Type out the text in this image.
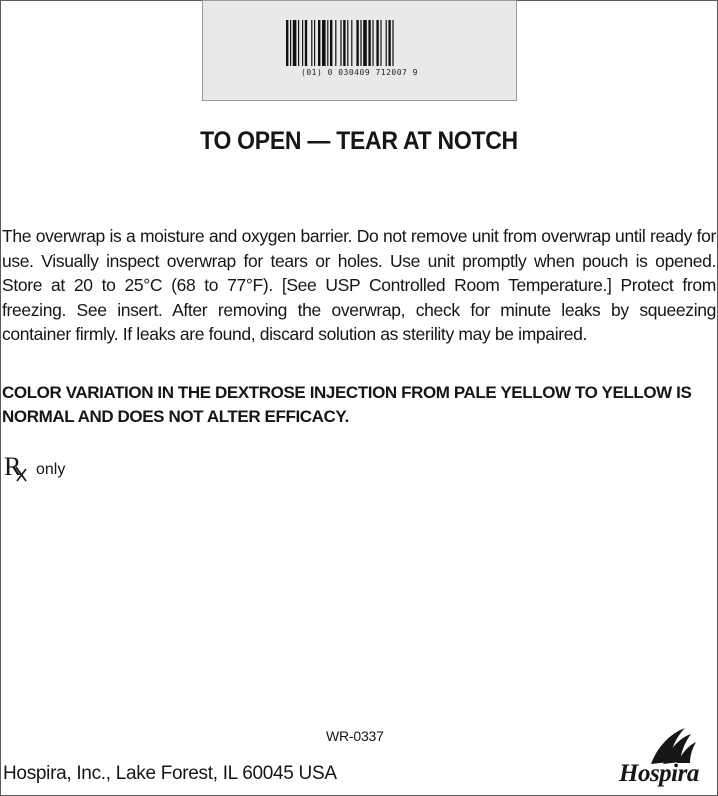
(01) 0 030409 712007 9
TO OPEN — TEAR AT NOTCH

The overwrap is a moisture and oxygen barrier. Do not remove unit from overwrap until ready for use. Visually inspect overwrap for tears or holes. Use unit promptly when pouch is opened. Store at 20 to 25°C (68 to 77°F). [See USP Controlled Room Temperature.] Protect from freezing. See insert. After removing the overwrap, check for minute leaks by squeezing container firmly. If leaks are found, discard solution as sterility may be impaired.

COLOR VARIATION IN THE DEXTROSE INJECTION FROM PALE YELLOW TO YELLOW IS NORMAL AND DOES NOT ALTER EFFICACY.

R only
WR-0337
Hospira, Inc., Lake Forest, IL 60045 USA	Hospira
